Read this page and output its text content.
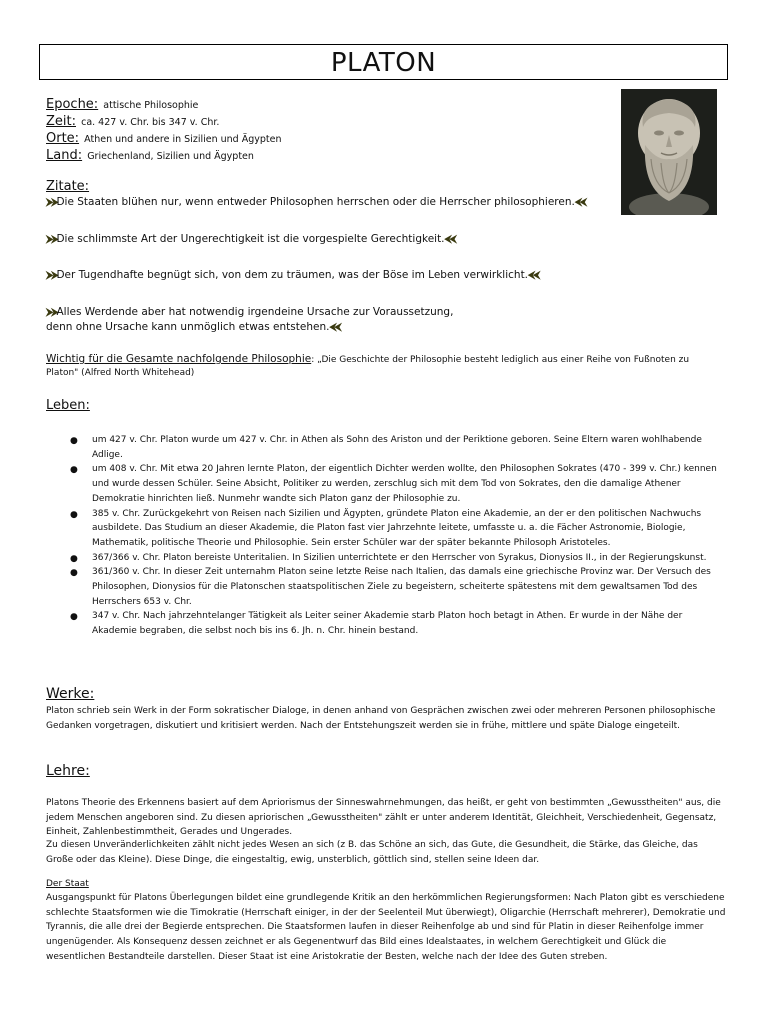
PLATON
Epoche: attische Philosophie
Zeit: ca. 427 v. Chr. bis 347 v. Chr.
Orte: Athen und andere in Sizilien und Ägypten
Land: Griechenland, Sizilien und Ägypten
Zitate:
⮞⮞Die Staaten blühen nur, wenn entweder Philosophen herrschen oder die Herrscher philosophieren.⮜⮜
⮞⮞Die schlimmste Art der Ungerechtigkeit ist die vorgespielte Gerechtigkeit.⮜⮜
⮞⮞Der Tugendhafte begnügt sich, von dem zu träumen, was der Böse im Leben verwirklicht.⮜⮜
⮞⮞Alles Werdende aber hat notwendig irgendeine Ursache zur Voraussetzung,
denn ohne Ursache kann unmöglich etwas entstehen.⮜⮜
Wichtig für die Gesamte nachfolgende Philosophie: „Die Geschichte der Philosophie besteht lediglich aus einer Reihe von Fußnoten zu
Platon" (Alfred North Whitehead)
Leben:
● um 427 v. Chr. Platon wurde um 427 v. Chr. in Athen als Sohn des Ariston und der Periktione geboren. Seine Eltern waren wohlhabende Adlige.
● um 408 v. Chr. Mit etwa 20 Jahren lernte Platon, der eigentlich Dichter werden wollte, den Philosophen Sokrates (470 - 399 v. Chr.) kennen und wurde dessen Schüler. Seine Absicht, Politiker zu werden, zerschlug sich mit dem Tod von Sokrates, den die damalige Athener Demokratie hinrichten ließ. Nunmehr wandte sich Platon ganz der Philosophie zu.
● 385 v. Chr. Zurückgekehrt von Reisen nach Sizilien und Ägypten, gründete Platon eine Akademie, an der er den politischen Nachwuchs ausbildete. Das Studium an dieser Akademie, die Platon fast vier Jahrzehnte leitete, umfasste u. a. die Fächer Astronomie, Biologie, Mathematik, politische Theorie und Philosophie. Sein erster Schüler war der später bekannte Philosoph Aristoteles.
● 367/366 v. Chr. Platon bereiste Unteritalien. In Sizilien unterrichtete er den Herrscher von Syrakus, Dionysios II., in der Regierungskunst.
● 361/360 v. Chr. In dieser Zeit unternahm Platon seine letzte Reise nach Italien, das damals eine griechische Provinz war. Der Versuch des Philosophen, Dionysios für die Platonschen staatspolitischen Ziele zu begeistern, scheiterte spätestens mit dem gewaltsamen Tod des Herrschers 653 v. Chr.
● 347 v. Chr. Nach jahrzehntelanger Tätigkeit als Leiter seiner Akademie starb Platon hoch betagt in Athen. Er wurde in der Nähe der Akademie begraben, die selbst noch bis ins 6. Jh. n. Chr. hinein bestand.
Werke:
Platon schrieb sein Werk in der Form sokratischer Dialoge, in denen anhand von Gesprächen zwischen zwei oder mehreren Personen philosophische Gedanken vorgetragen, diskutiert und kritisiert werden. Nach der Entstehungszeit werden sie in frühe, mittlere und späte Dialoge eingeteilt.
Lehre:
Platons Theorie des Erkennens basiert auf dem Apriorismus der Sinneswahrnehmungen, das heißt, er geht von bestimmten „Gewusstheiten" aus, die jedem Menschen angeboren sind. Zu diesen apriorischen „Gewusstheiten" zählt er unter anderem Identität, Gleichheit, Verschiedenheit, Gegensatz, Einheit, Zahlenbestimmtheit, Gerades und Ungerades.
Zu diesen Unveränderlichkeiten zählt nicht jedes Wesen an sich (z B. das Schöne an sich, das Gute, die Gesundheit, die Stärke, das Gleiche, das Große oder das Kleine). Diese Dinge, die eingestaltig, ewig, unsterblich, göttlich sind, stellen seine Ideen dar.
Der Staat
Ausgangspunkt für Platons Überlegungen bildet eine grundlegende Kritik an den herkömmlichen Regierungsformen: Nach Platon gibt es verschiedene schlechte Staatsformen wie die Timokratie (Herrschaft einiger, in der der Seelenteil Mut überwiegt), Oligarchie (Herrschaft mehrerer), Demokratie und Tyrannis, die alle drei der Begierde entsprechen. Die Staatsformen laufen in dieser Reihenfolge ab und sind für Platin in dieser Reihenfolge immer ungenügender. Als Konsequenz dessen zeichnet er als Gegenentwurf das Bild eines Idealstaates, in welchem Gerechtigkeit und Glück die wesentlichen Bestandteile darstellen. Dieser Staat ist eine Aristokratie der Besten, welche nach der Idee des Guten streben.
